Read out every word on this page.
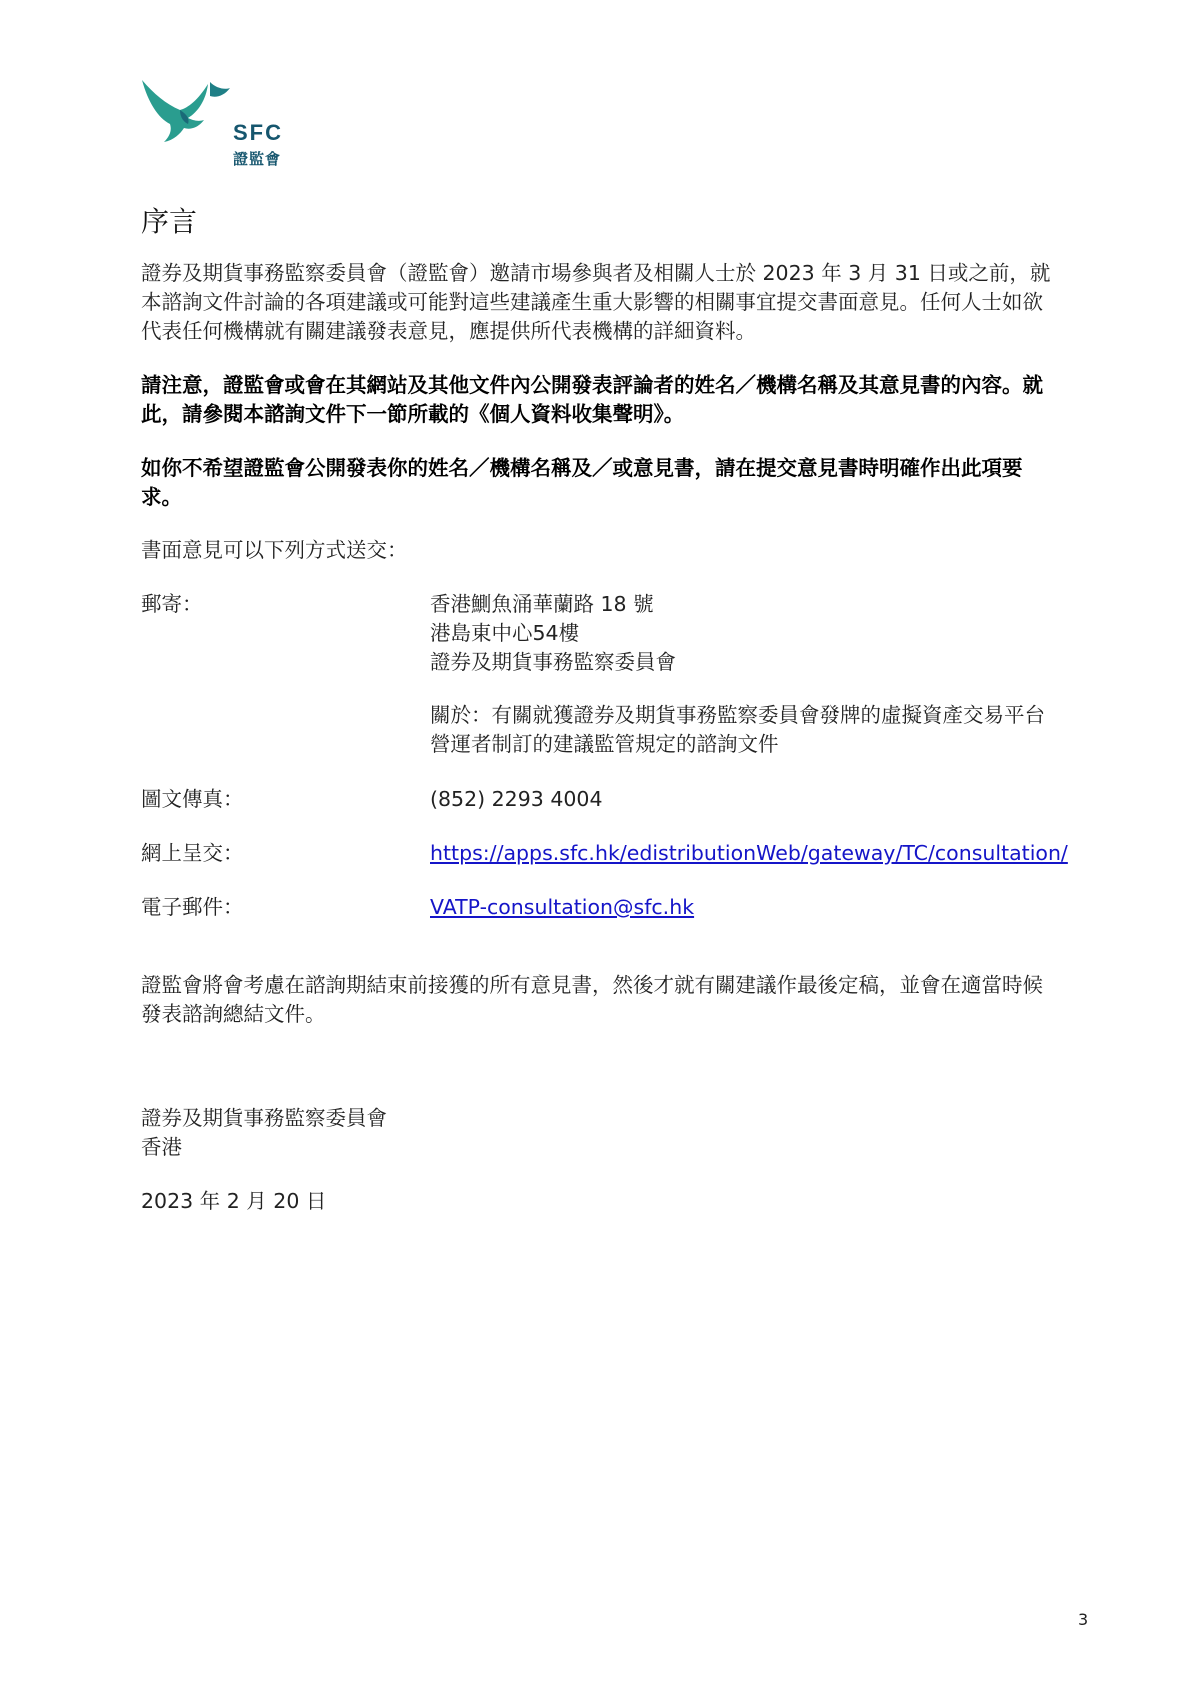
SFC
證監會
序言

證券及期貨事務監察委員會（證監會）邀請市場參與者及相關人士於 2023 年 3 月 31 日或之前，就本諮詢文件討論的各項建議或可能對這些建議產生重大影響的相關事宜提交書面意見。任何人士如欲代表任何機構就有關建議發表意見，應提供所代表機構的詳細資料。

請注意，證監會或會在其網站及其他文件內公開發表評論者的姓名／機構名稱及其意見書的內容。就此，請參閱本諮詢文件下一節所載的《個人資料收集聲明》。

如你不希望證監會公開發表你的姓名／機構名稱及／或意見書，請在提交意見書時明確作出此項要求。

書面意見可以下列方式送交：

郵寄：	香港鰂魚涌華蘭路 18 號
港島東中心54樓
證券及期貨事務監察委員會
關於：有關就獲證券及期貨事務監察委員會發牌的虛擬資產交易平台營運者制訂的建議監管規定的諮詢文件
圖文傳真：	(852) 2293 4004
網上呈交：	https://apps.sfc.hk/edistributionWeb/gateway/TC/consultation/
電子郵件：	VATP-consultation@sfc.hk

證監會將會考慮在諮詢期結束前接獲的所有意見書，然後才就有關建議作最後定稿，並會在適當時候發表諮詢總結文件。

證券及期貨事務監察委員會
香港
2023 年 2 月 20 日
3
